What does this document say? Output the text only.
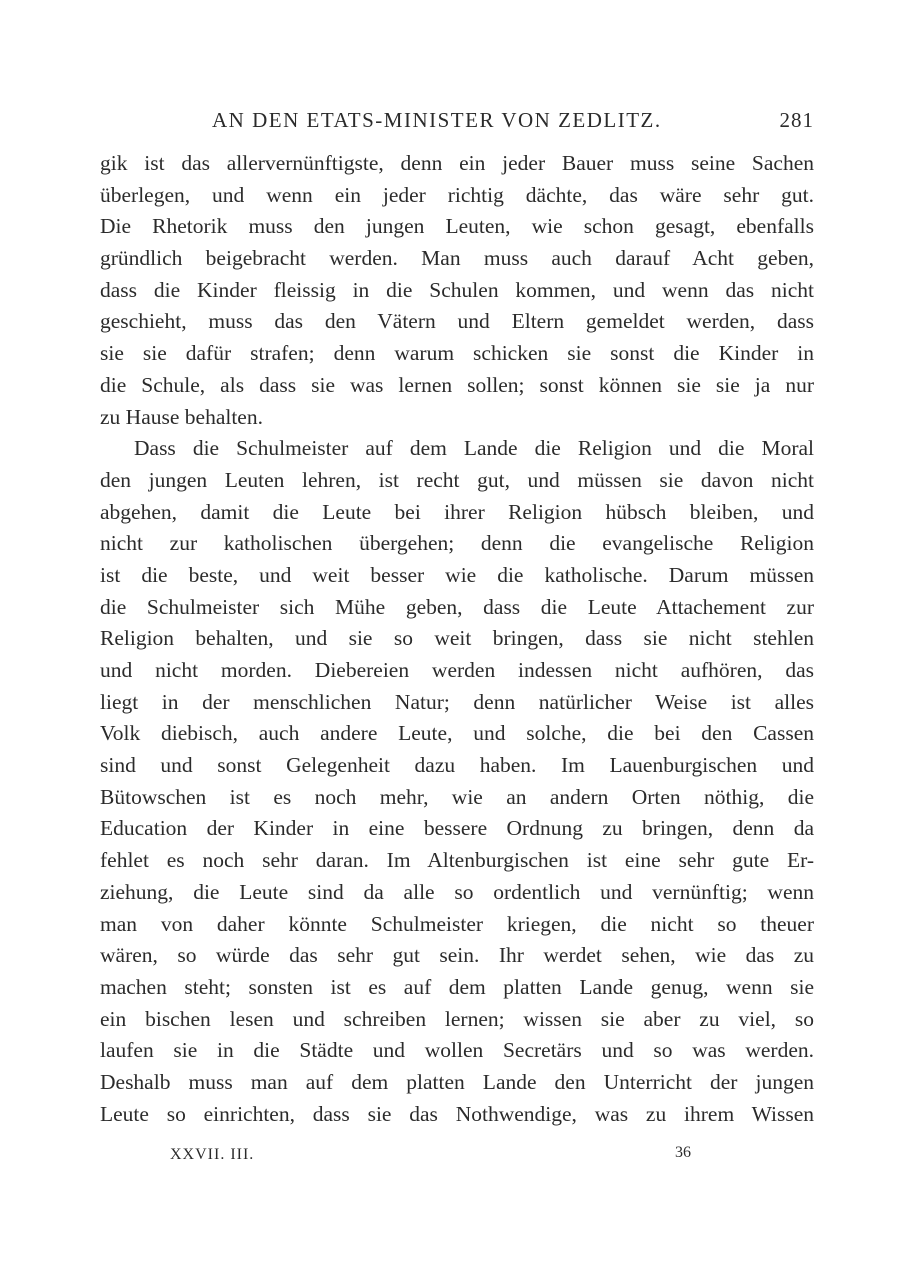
AN DEN ETATS-MINISTER VON ZEDLITZ.	281
gik ist das allervernünftigste, denn ein jeder Bauer muss seine Sachen
überlegen, und wenn ein jeder richtig dächte, das wäre sehr gut.
Die Rhetorik muss den jungen Leuten, wie schon gesagt, ebenfalls
gründlich beigebracht werden. Man muss auch darauf Acht geben,
dass die Kinder fleissig in die Schulen kommen, und wenn das nicht
geschieht, muss das den Vätern und Eltern gemeldet werden, dass
sie sie dafür strafen; denn warum schicken sie sonst die Kinder in
die Schule, als dass sie was lernen sollen; sonst können sie sie ja nur
zu Hause behalten.
Dass die Schulmeister auf dem Lande die Religion und die Moral
den jungen Leuten lehren, ist recht gut, und müssen sie davon nicht
abgehen, damit die Leute bei ihrer Religion hübsch bleiben, und
nicht zur katholischen übergehen; denn die evangelische Religion
ist die beste, und weit besser wie die katholische. Darum müssen
die Schulmeister sich Mühe geben, dass die Leute Attachement zur
Religion behalten, und sie so weit bringen, dass sie nicht stehlen
und nicht morden. Diebereien werden indessen nicht aufhören, das
liegt in der menschlichen Natur; denn natürlicher Weise ist alles
Volk diebisch, auch andere Leute, und solche, die bei den Cassen
sind und sonst Gelegenheit dazu haben. Im Lauenburgischen und
Bütowschen ist es noch mehr, wie an andern Orten nöthig, die
Education der Kinder in eine bessere Ordnung zu bringen, denn da
fehlet es noch sehr daran. Im Altenburgischen ist eine sehr gute Er-
ziehung, die Leute sind da alle so ordentlich und vernünftig; wenn
man von daher könnte Schulmeister kriegen, die nicht so theuer
wären, so würde das sehr gut sein. Ihr werdet sehen, wie das zu
machen steht; sonsten ist es auf dem platten Lande genug, wenn sie
ein bischen lesen und schreiben lernen; wissen sie aber zu viel, so
laufen sie in die Städte und wollen Secretärs und so was werden.
Deshalb muss man auf dem platten Lande den Unterricht der jungen
Leute so einrichten, dass sie das Nothwendige, was zu ihrem Wissen
XXVII. III.	36
